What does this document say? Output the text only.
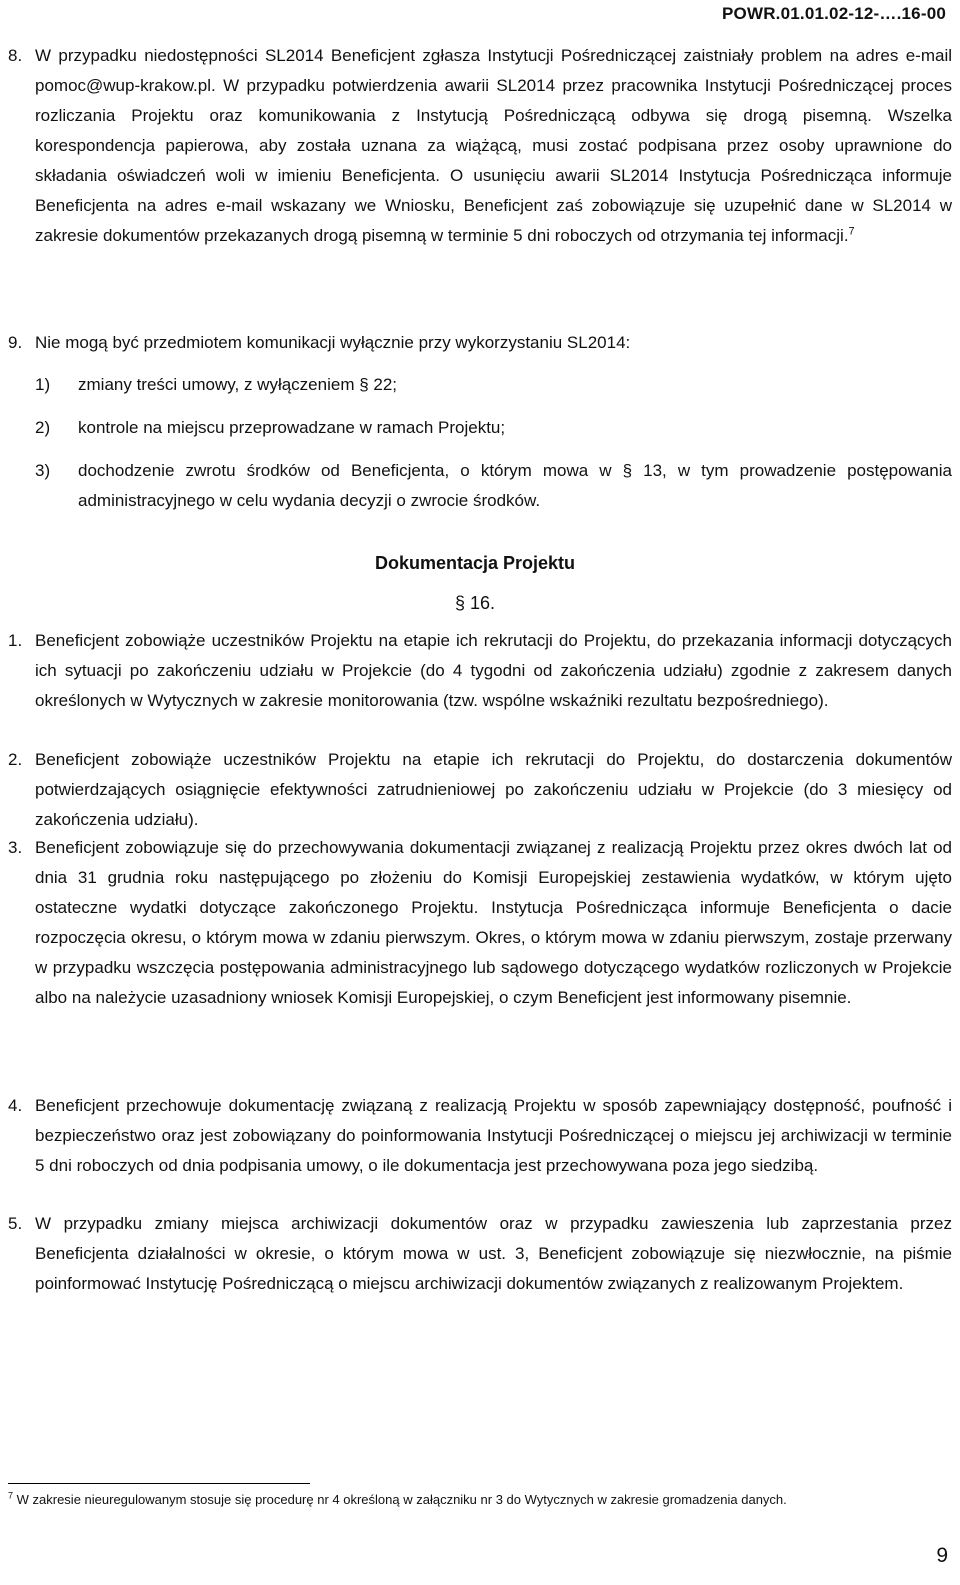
POWR.01.01.02-12-….16-00
8. W przypadku niedostępności SL2014 Beneficjent zgłasza Instytucji Pośredniczącej zaistniały problem na adres e-mail pomoc@wup-krakow.pl. W przypadku potwierdzenia awarii SL2014 przez pracownika Instytucji Pośredniczącej proces rozliczania Projektu oraz komunikowania z Instytucją Pośredniczącą odbywa się drogą pisemną. Wszelka korespondencja papierowa, aby została uznana za wiążącą, musi zostać podpisana przez osoby uprawnione do składania oświadczeń woli w imieniu Beneficjenta. O usunięciu awarii SL2014 Instytucja Pośrednicząca informuje Beneficjenta na adres e-mail wskazany we Wniosku, Beneficjent zaś zobowiązuje się uzupełnić dane w SL2014 w zakresie dokumentów przekazanych drogą pisemną w terminie 5 dni roboczych od otrzymania tej informacji.$^7$
9. Nie mogą być przedmiotem komunikacji wyłącznie przy wykorzystaniu SL2014:
1) zmiany treści umowy, z wyłączeniem § 22;
2) kontrole na miejscu przeprowadzane w ramach Projektu;
3) dochodzenie zwrotu środków od Beneficjenta, o którym mowa w § 13, w tym prowadzenie postępowania administracyjnego w celu wydania decyzji o zwrocie środków.
Dokumentacja Projektu
§ 16.
1. Beneficjent zobowiąże uczestników Projektu na etapie ich rekrutacji do Projektu, do przekazania informacji dotyczących ich sytuacji po zakończeniu udziału w Projekcie (do 4 tygodni od zakończenia udziału) zgodnie z zakresem danych określonych w Wytycznych w zakresie monitorowania (tzw. wspólne wskaźniki rezultatu bezpośredniego).
2. Beneficjent zobowiąże uczestników Projektu na etapie ich rekrutacji do Projektu, do dostarczenia dokumentów potwierdzających osiągnięcie efektywności zatrudnieniowej po zakończeniu udziału w Projekcie (do 3 miesięcy od zakończenia udziału).
3. Beneficjent zobowiązuje się do przechowywania dokumentacji związanej z realizacją Projektu przez okres dwóch lat od dnia 31 grudnia roku następującego po złożeniu do Komisji Europejskiej zestawienia wydatków, w którym ujęto ostateczne wydatki dotyczące zakończonego Projektu. Instytucja Pośrednicząca informuje Beneficjenta o dacie rozpoczęcia okresu, o którym mowa w zdaniu pierwszym. Okres, o którym mowa w zdaniu pierwszym, zostaje przerwany w przypadku wszczęcia postępowania administracyjnego lub sądowego dotyczącego wydatków rozliczonych w Projekcie albo na należycie uzasadniony wniosek Komisji Europejskiej, o czym Beneficjent jest informowany pisemnie.
4. Beneficjent przechowuje dokumentację związaną z realizacją Projektu w sposób zapewniający dostępność, poufność i bezpieczeństwo oraz jest zobowiązany do poinformowania Instytucji Pośredniczącej o miejscu jej archiwizacji w terminie 5 dni roboczych od dnia podpisania umowy, o ile dokumentacja jest przechowywana poza jego siedzibą.
5. W przypadku zmiany miejsca archiwizacji dokumentów oraz w przypadku zawieszenia lub zaprzestania przez Beneficjenta działalności w okresie, o którym mowa w ust. 3, Beneficjent zobowiązuje się niezwłocznie, na piśmie poinformować Instytucję Pośredniczącą o miejscu archiwizacji dokumentów związanych z realizowanym Projektem.
$^7$ W zakresie nieuregulowanym stosuje się procedurę nr 4 określoną w załączniku nr 3 do Wytycznych w zakresie gromadzenia danych.
9
